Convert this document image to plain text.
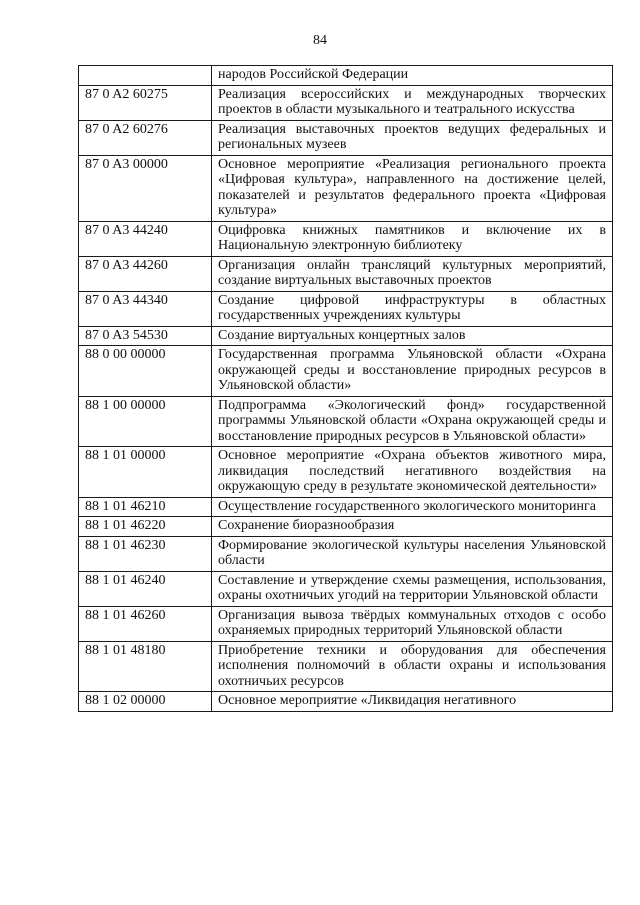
84
	народов Российской Федерации
87 0 A2 60275	Реализация всероссийских и международных творческих проектов в области музыкального и театрального искусства
87 0 A2 60276	Реализация выставочных проектов ведущих федеральных и региональных музеев
87 0 A3 00000	Основное мероприятие «Реализация регионального проекта «Цифровая культура», направленного на достижение целей, показателей и результатов федерального проекта «Цифровая культура»
87 0 A3 44240	Оцифровка книжных памятников и включение их в Национальную электронную библиотеку
87 0 A3 44260	Организация онлайн трансляций культурных мероприятий, создание виртуальных выставочных проектов
87 0 A3 44340	Создание цифровой инфраструктуры в областных государственных учреждениях культуры
87 0 A3 54530	Создание виртуальных концертных залов
88 0 00 00000	Государственная программа Ульяновской области «Охрана окружающей среды и восстановление природных ресурсов в Ульяновской области»
88 1 00 00000	Подпрограмма «Экологический фонд» государственной программы Ульяновской области «Охрана окружающей среды и восстановление природных ресурсов в Ульяновской области»
88 1 01 00000	Основное мероприятие «Охрана объектов животного мира, ликвидация последствий негативного воздействия на окружающую среду в результате экономической деятельности»
88 1 01 46210	Осуществление государственного экологического мониторинга
88 1 01 46220	Сохранение биоразнообразия
88 1 01 46230	Формирование экологической культуры населения Ульяновской области
88 1 01 46240	Составление и утверждение схемы размещения, использования, охраны охотничьих угодий на территории Ульяновской области
88 1 01 46260	Организация вывоза твёрдых коммунальных отходов с особо охраняемых природных территорий Ульяновской области
88 1 01 48180	Приобретение техники и оборудования для обеспечения исполнения полномочий в области охраны и использования охотничьих ресурсов
88 1 02 00000	Основное мероприятие «Ликвидация негативного
